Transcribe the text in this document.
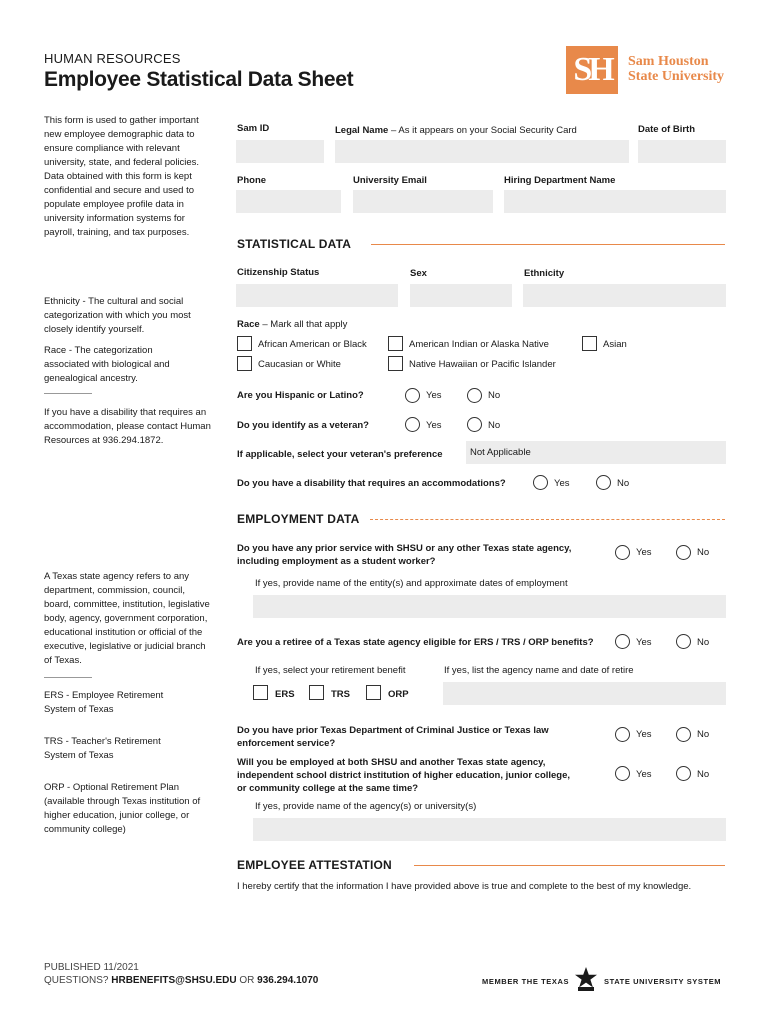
HUMAN RESOURCES
Employee Statistical Data Sheet	SH	Sam Houston
State University
This form is used to gather important new employee demographic data to ensure compliance with relevant university, state, and federal policies. Data obtained with this form is kept confidential and secure and used to populate employee profile data in university information systems for payroll, training, and tax purposes.
Ethnicity - The cultural and social categorization with which you most closely identify yourself.
Race - The categorization associated with biological and genealogical ancestry.
If you have a disability that requires an accommodation, please contact Human Resources at 936.294.1872.
A Texas state agency refers to any department, commission, council, board, committee, institution, legislative body, agency, government corporation, educational institution or official of the executive, legislative or judicial branch of Texas.
ERS - Employee Retirement System of Texas
TRS - Teacher's Retirement System of Texas
ORP - Optional Retirement Plan (available through Texas institution of higher education, junior college, or community college)
Sam ID	Legal Name – As it appears on your Social Security Card	Date of Birth
Phone	University Email	Hiring Department Name
STATISTICAL DATA
Citizenship Status	Sex	Ethnicity
Race – Mark all that apply
African American or Black	American Indian or Alaska Native	Asian
Caucasian or White	Native Hawaiian or Pacific Islander
Are you Hispanic or Latino?	Yes	No
Do you identify as a veteran?	Yes	No
If applicable, select your veteran's preference	Not Applicable
Do you have a disability that requires an accommodations?	Yes	No
EMPLOYMENT DATA
Do you have any prior service with SHSU or any other Texas state agency, including employment as a student worker?
Yes	No
If yes, provide name of the entity(s) and approximate dates of employment
Are you a retiree of a Texas state agency eligible for ERS / TRS / ORP benefits?	Yes	No
If yes, select your retirement benefit	If yes, list the agency name and date of retire
ERS	TRS	ORP
Do you have prior Texas Department of Criminal Justice or Texas law enforcement service?
Yes	No
Will you be employed at both SHSU and another Texas state agency, independent school district institution of higher education, junior college, or community college at the same time?
Yes	No
If yes, provide name of the agency(s) or university(s)
EMPLOYEE ATTESTATION
I hereby certify that the information I have provided above is true and complete to the best of my knowledge.
PUBLISHED 11/2021
QUESTIONS? HRBENEFITS@SHSU.EDU OR 936.294.1070	MEMBER THE TEXAS	STATE UNIVERSITY SYSTEM
